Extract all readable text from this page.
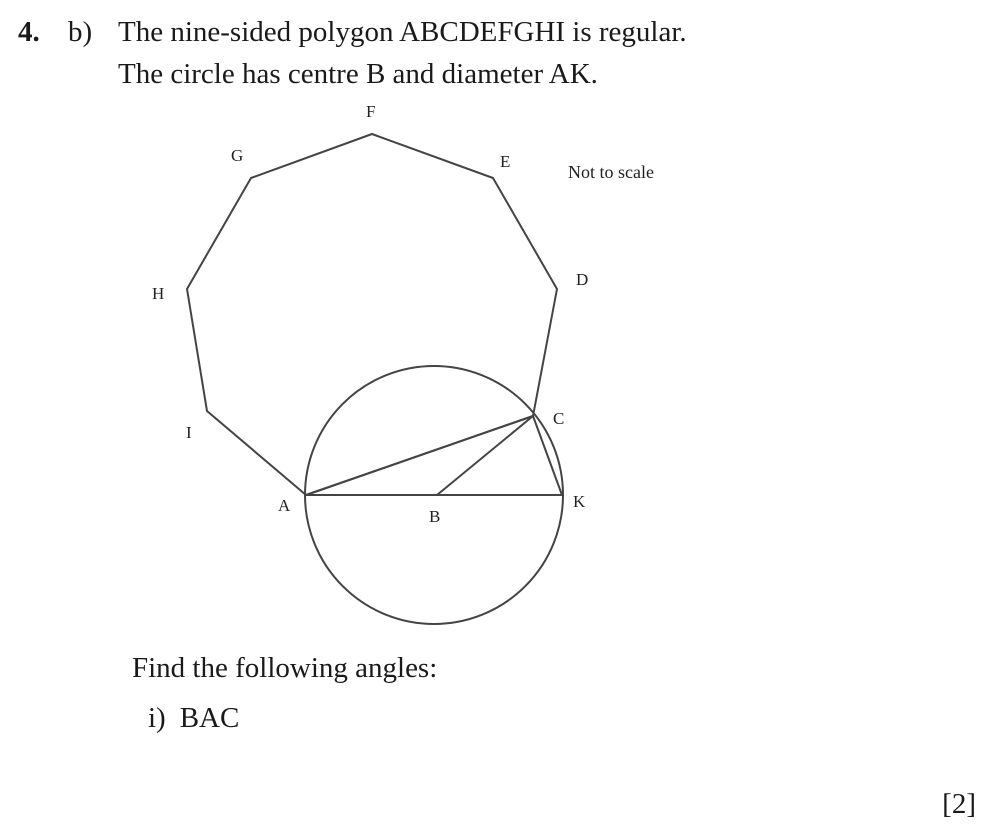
4. b) The nine-sided polygon ABCDEFGHI is regular.
The circle has centre B and diameter AK.
F
G	E
D
H
I
C
A
B
K
Not to scale
Find the following angles:
i) BAC
[2]
